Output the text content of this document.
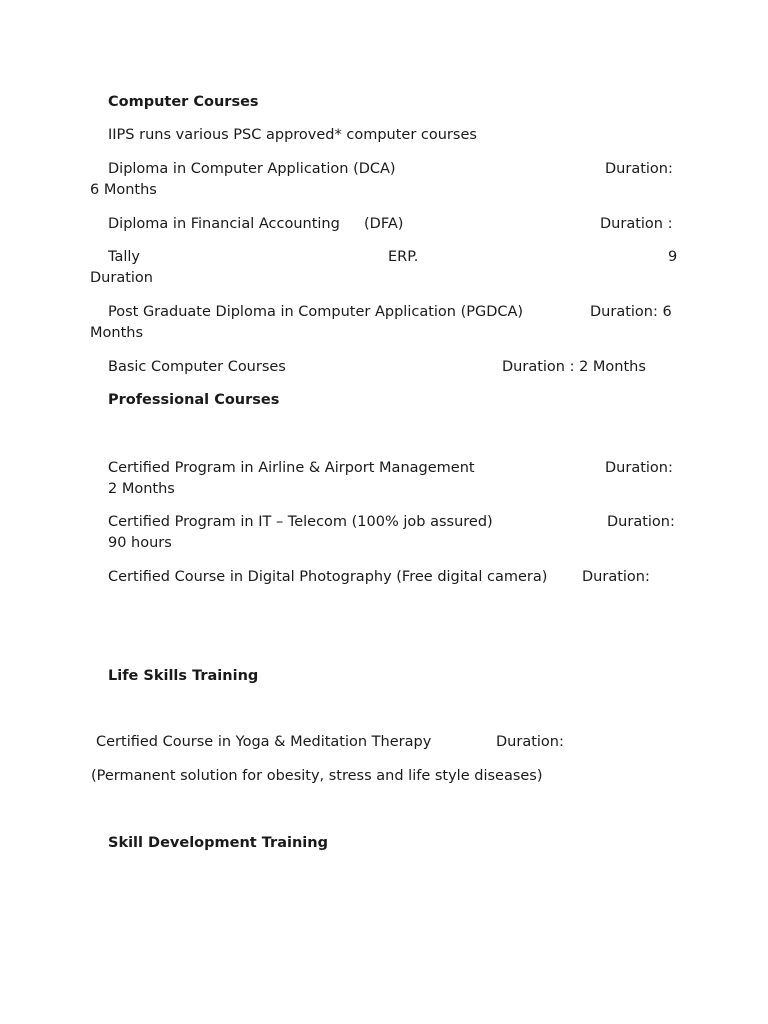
Computer Courses
IIPS runs various PSC approved* computer courses
Diploma in Computer Application (DCA)	Duration:
6 Months
Diploma in Financial Accounting (DFA)	Duration :
Tally	ERP.	9
Duration
Post Graduate Diploma in Computer Application (PGDCA)	Duration: 6
Months
Basic Computer Courses	Duration : 2 Months
Professional Courses
Certified Program in Airline & Airport Management	Duration:
2 Months
Certified Program in IT – Telecom (100% job assured)	Duration:
90 hours
Certified Course in Digital Photography (Free digital camera) Duration:
Life Skills Training
Certified Course in Yoga & Meditation Therapy	Duration:
(Permanent solution for obesity, stress and life style diseases)
Skill Development Training
